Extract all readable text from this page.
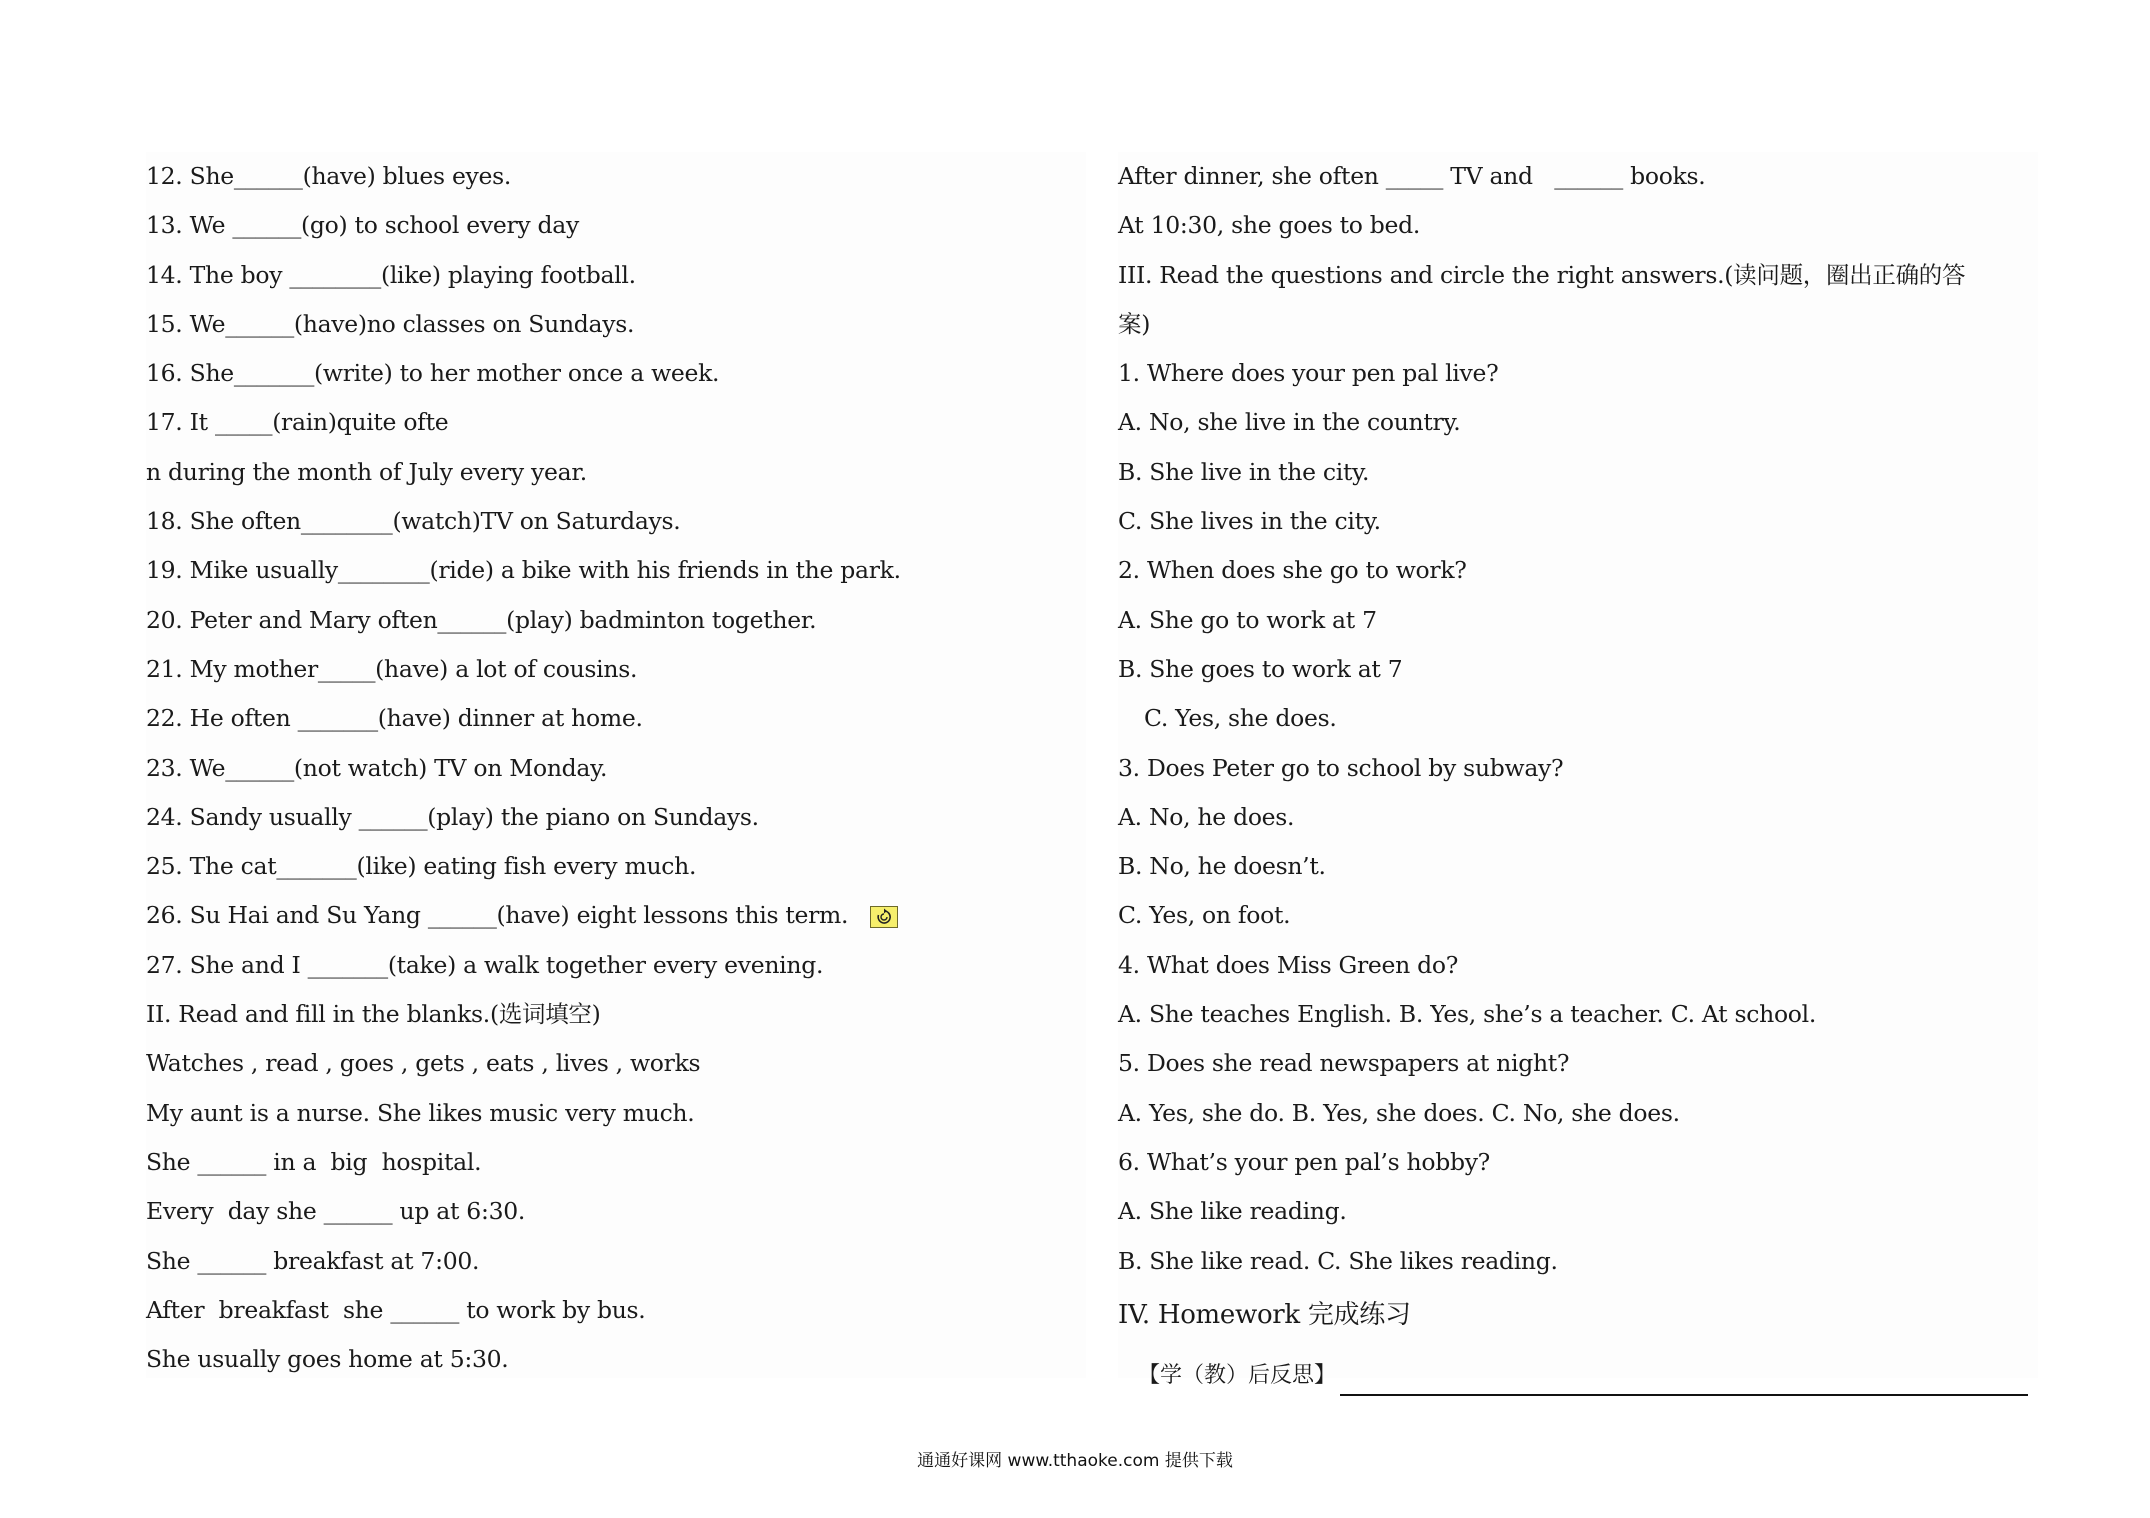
12. She______(have) blues eyes.
13. We ______(go) to school every day
14. The boy ________(like) playing football.
15. We______(have)no classes on Sundays.
16. She_______(write) to her mother once a week.
17. It _____(rain)quite ofte
n during the month of July every year.
18. She often________(watch)TV on Saturdays.
19. Mike usually________(ride) a bike with his friends in the park.
20. Peter and Mary often______(play) badminton together.
21. My mother_____(have) a lot of cousins.
22. He often _______(have) dinner at home.
23. We______(not watch) TV on Monday.
24. Sandy usually ______(play) the piano on Sundays.
25. The cat_______(like) eating fish every much.
26. Su Hai and Su Yang ______(have) eight lessons this term.
27. She and I _______(take) a walk together every evening.
II. Read and fill in the blanks.(选词填空)
Watches , read , goes , gets , eats , lives , works
My aunt is a nurse. She likes music very much.
She ______ in a  big  hospital.
Every  day she ______ up at 6:30.
She ______ breakfast at 7:00.
After  breakfast  she ______ to work by bus.
She usually goes home at 5:30.
After dinner, she often _____ TV and   ______ books.
At 10:30, she goes to bed.
III. Read the questions and circle the right answers.(读问题，圈出正确的答
案)
1. Where does your pen pal live?
A. No, she live in the country.
B. She live in the city.
C. She lives in the city.
2. When does she go to work?
A. She go to work at 7
B. She goes to work at 7
C. Yes, she does.
3. Does Peter go to school by subway?
A. No, he does.
B. No, he doesn’t.
C. Yes, on foot.
4. What does Miss Green do?
A. She teaches English. B. Yes, she’s a teacher. C. At school.
5. Does she read newspapers at night?
A. Yes, she do. B. Yes, she does. C. No, she does.
6. What’s your pen pal’s hobby?
A. She like reading.
B. She like read. C. She likes reading.
IV. Homework 完成练习
【学（教）后反思】
通通好课网 www.tthaoke.com 提供下载
